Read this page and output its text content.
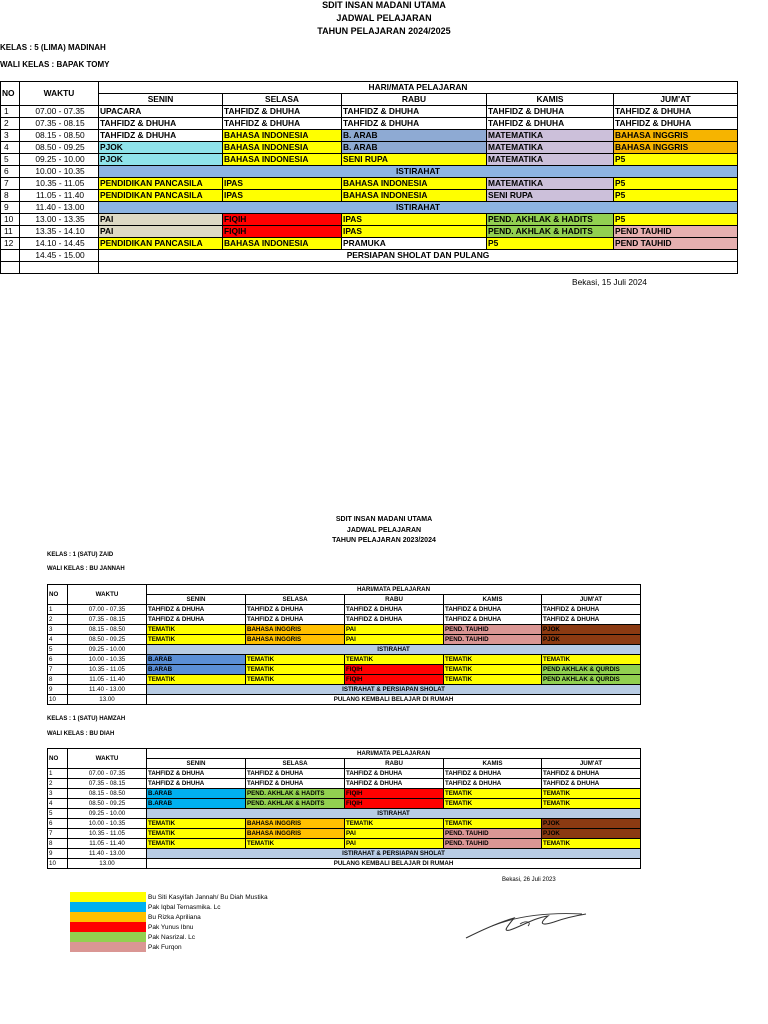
SDIT INSAN MADANI UTAMA
JADWAL PELAJARAN
TAHUN PELAJARAN 2024/2025
KELAS : 5 (LIMA) MADINAH
WALI KELAS : BAPAK TOMY
NO	WAKTU	HARI/MATA PELAJARAN				
		SENIN	SELASA	RABU	KAMIS	JUM'AT
1	07.00 - 07.35	UPACARA	TAHFIDZ & DHUHA	TAHFIDZ & DHUHA	TAHFIDZ & DHUHA	TAHFIDZ & DHUHA
2	07.35 - 08.15	TAHFIDZ & DHUHA	TAHFIDZ & DHUHA	TAHFIDZ & DHUHA	TAHFIDZ & DHUHA	TAHFIDZ & DHUHA
3	08.15 - 08.50	TAHFIDZ & DHUHA	BAHASA INDONESIA	B. ARAB	MATEMATIKA	BAHASA INGGRIS
4	08.50 - 09.25	PJOK	BAHASA INDONESIA	B. ARAB	MATEMATIKA	BAHASA INGGRIS
5	09.25 - 10.00	PJOK	BAHASA INDONESIA	SENI RUPA	MATEMATIKA	P5
6	10.00 - 10.35	ISTIRAHAT				
7	10.35 - 11.05	PENDIDIKAN PANCASILA	IPAS	BAHASA INDONESIA	MATEMATIKA	P5
8	11.05 - 11.40	PENDIDIKAN PANCASILA	IPAS	BAHASA INDONESIA	SENI RUPA	P5
9	11.40 - 13.00	ISTIRAHAT				
10	13.00 - 13.35	PAI	FIQIH	IPAS	PEND. AKHLAK & HADITS	P5
11	13.35 - 14.10	PAI	FIQIH	IPAS	PEND. AKHLAK & HADITS	PEND TAUHID
12	14.10 - 14.45	PENDIDIKAN PANCASILA	BAHASA INDONESIA	PRAMUKA	P5	PEND TAUHID
	14.45 - 15.00	PERSIAPAN SHOLAT DAN PULANG				

Bekasi, 15 Juli 2024
SDIT INSAN MADANI UTAMA
JADWAL PELAJARAN
TAHUN PELAJARAN 2023/2024
KELAS : 1 (SATU) ZAID
WALI KELAS : BU JANNAH
NO	WAKTU	HARI/MATA PELAJARAN				
		SENIN	SELASA	RABU	KAMIS	JUM'AT
1	07.00 - 07.35	TAHFIDZ & DHUHA	TAHFIDZ & DHUHA	TAHFIDZ & DHUHA	TAHFIDZ & DHUHA	TAHFIDZ & DHUHA
2	07.35 - 08.15	TAHFIDZ & DHUHA	TAHFIDZ & DHUHA	TAHFIDZ & DHUHA	TAHFIDZ & DHUHA	TAHFIDZ & DHUHA
3	08.15 - 08.50	TEMATIK	BAHASA INGGRIS	PAI	PEND. TAUHID	PJOK
4	08.50 - 09.25	TEMATIK	BAHASA INGGRIS	PAI	PEND. TAUHID	PJOK
5	09.25 - 10.00	ISTIRAHAT				
6	10.00 - 10.35	B.ARAB	TEMATIK	TEMATIK	TEMATIK	TEMATIK
7	10.35 - 11.05	B.ARAB	TEMATIK	FIQIH	TEMATIK	PEND AKHLAK & QURDIS
8	11.05 - 11.40	TEMATIK	TEMATIK	FIQIH	TEMATIK	PEND AKHLAK & QURDIS
9	11.40 - 13.00	ISTIRAHAT & PERSIAPAN SHOLAT				
10	13.00	PULANG KEMBALI BELAJAR DI RUMAH				
KELAS : 1 (SATU) HAMZAH
WALI KELAS : BU DIAH
NO	WAKTU	HARI/MATA PELAJARAN				
		SENIN	SELASA	RABU	KAMIS	JUM'AT
1	07.00 - 07.35	TAHFIDZ & DHUHA	TAHFIDZ & DHUHA	TAHFIDZ & DHUHA	TAHFIDZ & DHUHA	TAHFIDZ & DHUHA
2	07.35 - 08.15	TAHFIDZ & DHUHA	TAHFIDZ & DHUHA	TAHFIDZ & DHUHA	TAHFIDZ & DHUHA	TAHFIDZ & DHUHA
3	08.15 - 08.50	B.ARAB	PEND. AKHLAK & HADITS	FIQIH	TEMATIK	TEMATIK
4	08.50 - 09.25	B.ARAB	PEND. AKHLAK & HADITS	FIQIH	TEMATIK	TEMATIK
5	09.25 - 10.00	ISTIRAHAT				
6	10.00 - 10.35	TEMATIK	BAHASA INGGRIS	TEMATIK	TEMATIK	PJOK
7	10.35 - 11.05	TEMATIK	BAHASA INGGRIS	PAI	PEND. TAUHID	PJOK
8	11.05 - 11.40	TEMATIK	TEMATIK	PAI	PEND. TAUHID	TEMATIK
9	11.40 - 13.00	ISTIRAHAT & PERSIAPAN SHOLAT				
10	13.00	PULANG KEMBALI BELAJAR DI RUMAH				
Bekasi, 26 Juli 2023
Bu Siti Kasyifah Jannah/ Bu Diah Mustika
Pak Iqbal Ternasmika. Lc
Bu Rizka Apriliana
Pak Yunus Ibnu
Pak Nasrizal. Lc
Pak Furqon
